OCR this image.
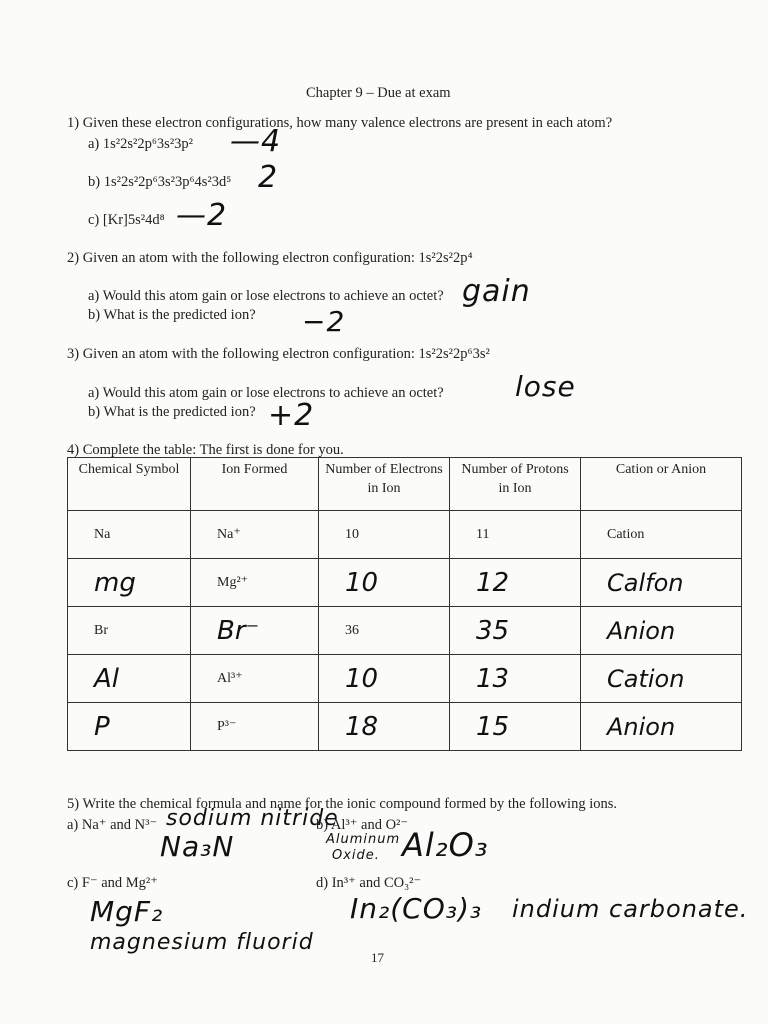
Chapter 9 – Due at exam
1) Given these electron configurations, how many valence electrons are present in each atom?
a) 1s²2s²2p⁶3s²3p² —4
b) 1s²2s²2p⁶3s²3p⁶4s²3d⁵ 2
c) [Kr]5s²4d⁸ —2
2) Given an atom with the following electron configuration: 1s²2s²2p⁴
a) Would this atom gain or lose electrons to achieve an octet? gain
b) What is the predicted ion? −2
3) Given an atom with the following electron configuration: 1s²2s²2p⁶3s²
a) Would this atom gain or lose electrons to achieve an octet?	lose
b) What is the predicted ion? +2
4) Complete the table: The first is done for you.
Chemical Symbol	Ion Formed	Number of Electrons in Ion	Number of Protons in Ion	Cation or Anion
Na	Na⁺	10	11	Cation
mg	Mg²⁺	10	12	Calfon
Br	Br⁻	36	35	Anion
Al	Al³⁺	10	13	Cation
P	P³⁻	18	15	Anion
5) Write the chemical formula and name for the ionic compound formed by the following ions.
a) Na⁺ and N³⁻ sodium nitride
Na₃N
b) Al³⁺ and O²⁻
Aluminum
Oxide. Al₂O₃
c) F⁻ and Mg²⁺	d) In³⁺ and CO₃²⁻
MgF₂
magnesium fluorid
In₂(CO₃)₃ indium carbonate.
17
